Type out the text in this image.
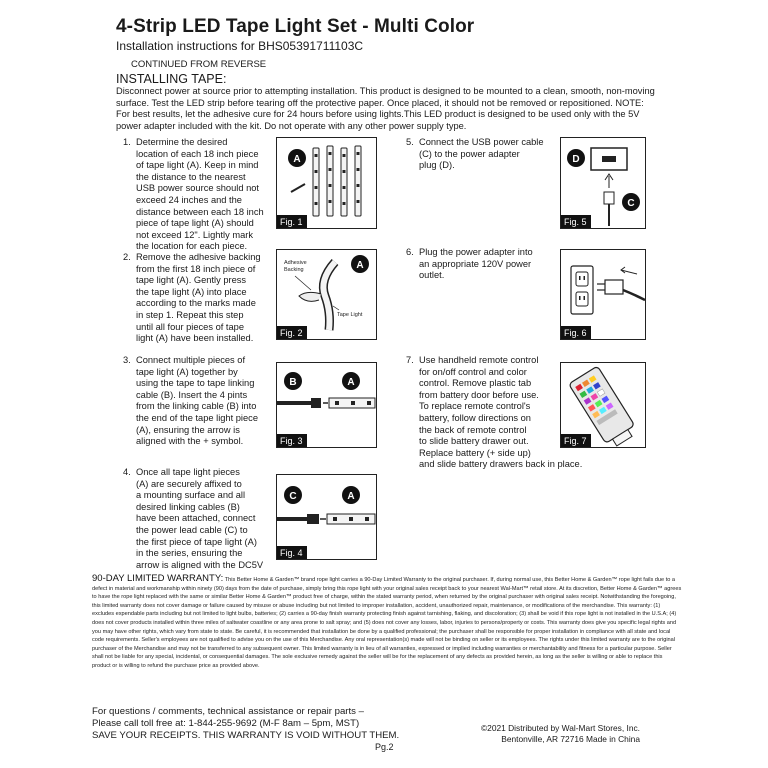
4-Strip LED Tape Light Set - Multi Color
Installation instructions for BHS05391711103C
CONTINUED FROM REVERSE
INSTALLING TAPE:
Disconnect power at source prior to attempting installation. This product is designed to be mounted to a clean, smooth, non-moving surface. Test the LED strip before tearing off the protective paper. Once placed, it should not be removed or repositioned. NOTE: For best results, let the adhesive cure for 24 hours before using lights.This LED product is designed to be used only with the 5V power adapter included with the kit. Do not operate with any other power supply type.

1. Determine the desired
location of each 18 inch piece
of tape light (A). Keep in mind
the distance to the nearest
USB power source should not
exceed 24 inches and the
distance between each 18 inch
piece of tape light (A) should
not exceed 12". Lightly mark
the location for each piece.

A
Fig. 1

2. Remove the adhesive backing
from the first 18 inch piece of
tape light (A). Gently press
the tape light (A) into place
according to the marks made
in step 1. Repeat this step
until all four pieces of tape
light (A) have been installed.

Adhesive
Backing
Tape Light
A
Fig. 2

3. Connect multiple pieces of
tape light (A) together by
using the tape to tape linking
cable (B). Insert the 4 pints
from the linking cable (B) into
the end of the tape light piece
(A), ensuring the arrow is
aligned with the + symbol.

B	A
Fig. 3

4. Once all tape light pieces
(A) are securely affixed to
a mounting surface and all
desired linking cables (B)
have been attached, connect
the power lead cable (C) to
the first piece of tape light (A)
in the series, ensuring the
arrow is aligned with the DC5V

C	A
Fig. 4

5. Connect the USB power cable
(C) to the power adapter
plug (D).

D
C
Fig. 5

6. Plug the power adapter into
an appropriate 120V power
outlet.

Fig. 6

7. Use handheld remote control
for on/off control and color
control. Remove plastic tab
from battery door before use.
To replace remote control's
battery, follow directions on
the back of remote control
to slide battery drawer out.
Replace battery (+ side up)
and slide battery drawers back in place.

Fig. 7
90-DAY LIMITED WARRANTY: This Better Home & Garden™ brand rope light carries a 90-Day Limited Warranty to the original purchaser. If, during normal use, this Better Home & Garden™ rope light fails due to a defect in material and workmanship within ninety (90) days from the date of purchase, simply bring this rope light with your original sales receipt back to your nearest Wal-Mart™ retail store. At its discretion, Better Home & Garden™ agrees to have the rope light replaced with the same or similar Better Home & Garden™ product free of charge, within the stated warranty period, when returned by the original purchaser with original sales receipt. Notwithstanding the foregoing, this limited warranty does not cover damage or failure caused by misuse or abuse including but not limited to improper installation, accident, unauthorized repair, maintenance, or modifications of the merchandise. This warranty: (1) excludes expendable parts including but not limited to light bulbs, batteries; (2) carries a 90-day finish warranty protecting finish against tarnishing, flaking, and discoloration; (3) shall be void if this rope light is not installed in the U.S.A; (4) does not cover products installed within three miles of saltwater coastline or any area prone to salt spray; and (5) does not cover any losses, labor, injuries to persons/property or costs. This warranty does give you specific legal rights and you may have other rights, which vary from state to state. Be careful, it is recommended that installation be done by a qualified professional; the purchaser shall be responsible for proper installation in compliance with all state and local code requirements. Seller's employees are not qualified to advise you on the use of this Merchandise. Any oral representation(s) made will not be binding on seller or its employees. The rights under this limited warranty are to the original purchaser of the Merchandise and may not be transferred to any subsequent owner. This limited warranty is in lieu of all warranties, expressed or implied including warranties or merchantability and fitness for a particular purpose. Seller shall not be liable for any special, incidental, or consequential damages. The sole exclusive remedy against the seller will be for the replacement of any defects as provided herein, as long as the seller is willing or able to replace this product or is willing to refund the purchase price as provided above.
For questions / comments, technical assistance or repair parts –
Please call toll free at: 1-844-255-9692 (M-F 8am – 5pm, MST)
SAVE YOUR RECEIPTS. THIS WARRANTY IS VOID WITHOUT THEM.
©2021 Distributed by Wal-Mart Stores, Inc.
Bentonville, AR 72716 Made in China
Pg.2
